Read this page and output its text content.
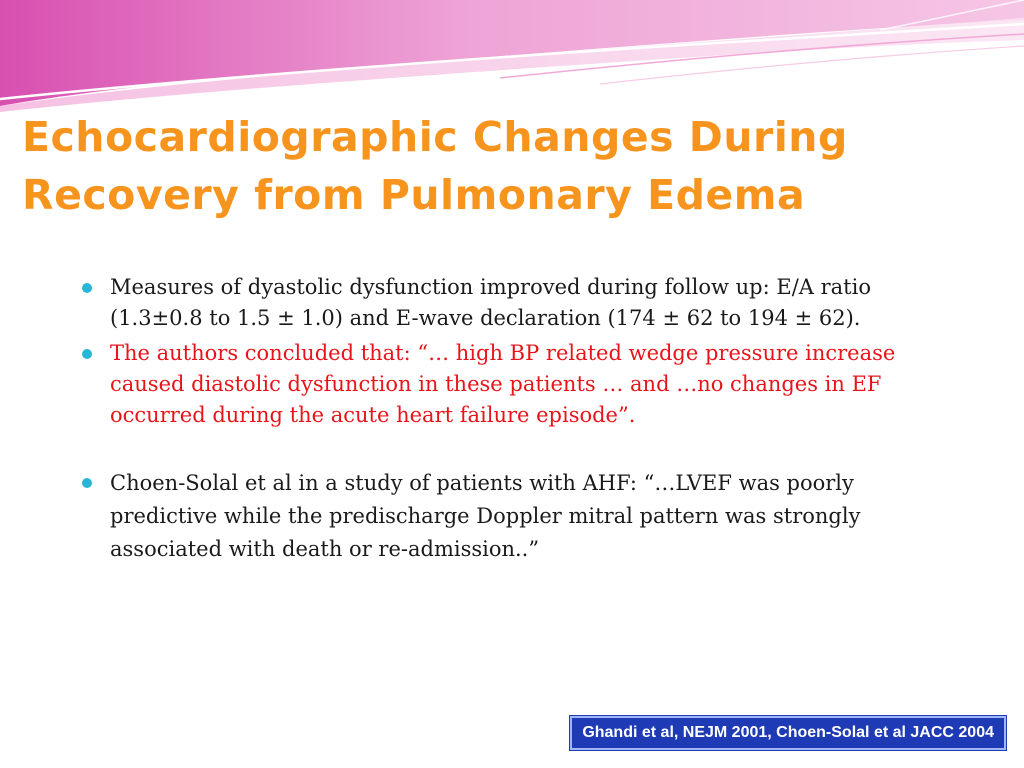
Echocardiographic Changes During
Recovery from Pulmonary Edema
Measures of dyastolic dysfunction improved during follow up: E/A ratio (1.3±0.8 to 1.5 ± 1.0) and E-wave declaration (174 ± 62 to 194 ± 62).
The authors concluded that: “… high BP related wedge pressure increase caused diastolic dysfunction in these patients … and …no changes in EF occurred during the acute heart failure episode”.
Choen-Solal et al in a study of patients with AHF: “…LVEF was poorly predictive while the predischarge Doppler mitral pattern was strongly associated with death or re-admission..”
Ghandi et al, NEJM 2001, Choen-Solal et al JACC 2004
